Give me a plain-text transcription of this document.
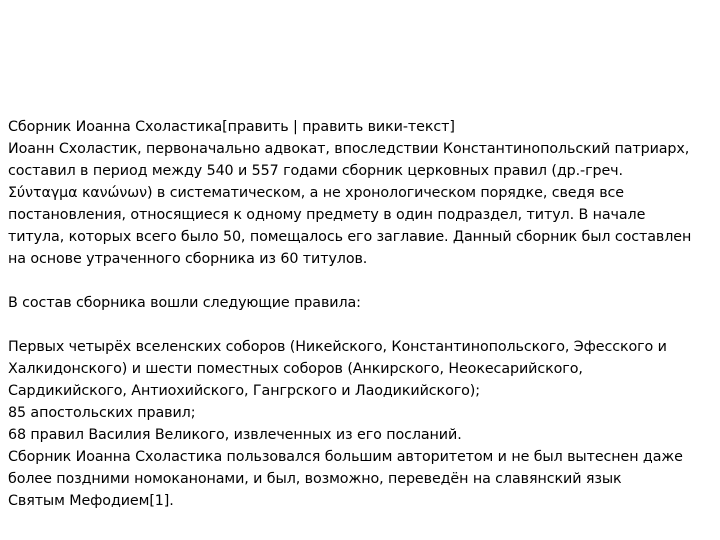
Сборник Иоанна Схоластика[править | править вики-текст]

Иоанн Схоластик, первоначально адвокат, впоследствии Константинопольский патриарх,
составил в период между 540 и 557 годами сборник церковных правил (др.-греч.
Σύνταγμα κανώνων) в систематическом, а не хронологическом порядке, сведя все
постановления, относящиеся к одному предмету в один подраздел, титул. В начале
титула, которых всего было 50, помещалось его заглавие. Данный сборник был составлен
на основе утраченного сборника из 60 титулов.

В состав сборника вошли следующие правила:

Первых четырёх вселенских соборов (Никейского, Константинопольского, Эфесского и
Халкидонского) и шести поместных соборов (Анкирского, Неокесарийского,
Сардикийского, Антиохийского, Гангрского и Лаодикийского);

85 апостольских правил;

68 правил Василия Великого, извлеченных из его посланий.

Сборник Иоанна Схоластика пользовался большим авторитетом и не был вытеснен даже
более поздними номоканонами, и был, возможно, переведён на славянский язык
Святым Мефодием[1].
